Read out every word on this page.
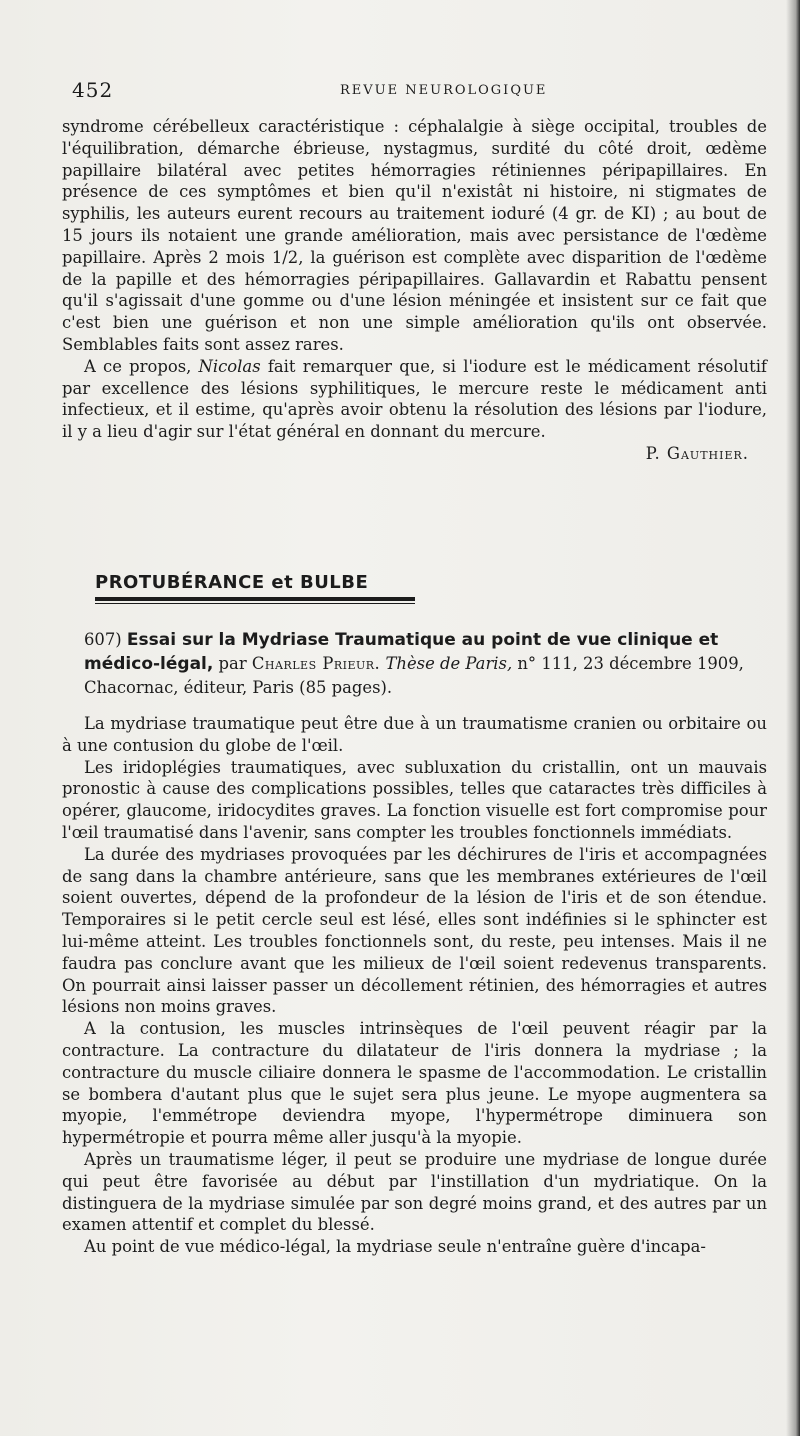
452	REVUE NEUROLOGIQUE

syndrome cérébelleux caractéristique : céphalalgie à siège occipital, troubles de l'équilibration, démarche ébrieuse, nystagmus, surdité du côté droit, œdème papillaire bilatéral avec petites hémorragies rétiniennes péripapillaires. En présence de ces symptômes et bien qu'il n'existât ni histoire, ni stigmates de syphilis, les auteurs eurent recours au traitement ioduré (4 gr. de KI) ; au bout de 15 jours ils notaient une grande amélioration, mais avec persistance de l'œdème papillaire. Après 2 mois 1/2, la guérison est complète avec disparition de l'œdème de la papille et des hémorragies péripapillaires. Gallavardin et Rabattu pensent qu'il s'agissait d'une gomme ou d'une lésion méningée et insistent sur ce fait que c'est bien une guérison et non une simple amélioration qu'ils ont observée. Semblables faits sont assez rares.

A ce propos, Nicolas fait remarquer que, si l'iodure est le médicament résolutif par excellence des lésions syphilitiques, le mercure reste le médicament anti infectieux, et il estime, qu'après avoir obtenu la résolution des lésions par l'iodure, il y a lieu d'agir sur l'état général en donnant du mercure.

P. Gauthier.

PROTUBÉRANCE et BULBE
607) Essai sur la Mydriase Traumatique au point de vue clinique et médico-légal, par Charles Prieur. Thèse de Paris, n° 111, 23 décembre 1909, Chacornac, éditeur, Paris (85 pages).

La mydriase traumatique peut être due à un traumatisme cranien ou orbitaire ou à une contusion du globe de l'œil.

Les iridoplégies traumatiques, avec subluxation du cristallin, ont un mauvais pronostic à cause des complications possibles, telles que cataractes très difficiles à opérer, glaucome, iridocydites graves. La fonction visuelle est fort compromise pour l'œil traumatisé dans l'avenir, sans compter les troubles fonctionnels immédiats.

La durée des mydriases provoquées par les déchirures de l'iris et accompagnées de sang dans la chambre antérieure, sans que les membranes extérieures de l'œil soient ouvertes, dépend de la profondeur de la lésion de l'iris et de son étendue. Temporaires si le petit cercle seul est lésé, elles sont indéfinies si le sphincter est lui-même atteint. Les troubles fonctionnels sont, du reste, peu intenses. Mais il ne faudra pas conclure avant que les milieux de l'œil soient redevenus transparents. On pourrait ainsi laisser passer un décollement rétinien, des hémorragies et autres lésions non moins graves.

A la contusion, les muscles intrinsèques de l'œil peuvent réagir par la contracture. La contracture du dilatateur de l'iris donnera la mydriase ; la contracture du muscle ciliaire donnera le spasme de l'accommodation. Le cristallin se bombera d'autant plus que le sujet sera plus jeune. Le myope augmentera sa myopie, l'emmétrope deviendra myope, l'hypermétrope diminuera son hypermétropie et pourra même aller jusqu'à la myopie.

Après un traumatisme léger, il peut se produire une mydriase de longue durée qui peut être favorisée au début par l'instillation d'un mydriatique. On la distinguera de la mydriase simulée par son degré moins grand, et des autres par un examen attentif et complet du blessé.

Au point de vue médico-légal, la mydriase seule n'entraîne guère d'incapa-
